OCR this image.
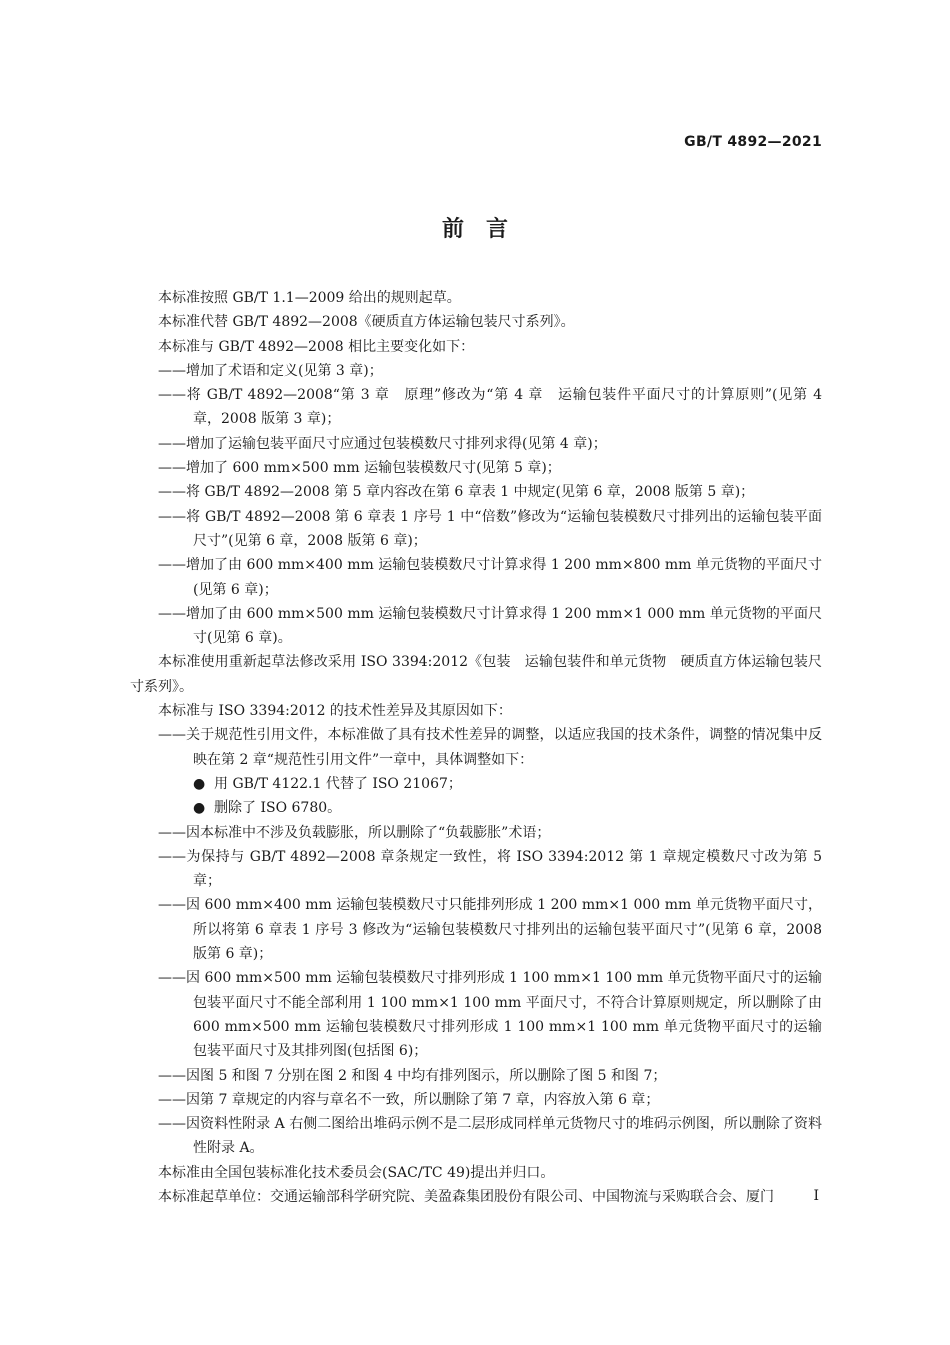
GB/T 4892—2021
前　言

本标准按照 GB/T 1.1—2009 给出的规则起草。

本标准代替 GB/T 4892—2008《硬质直方体运输包装尺寸系列》。

本标准与 GB/T 4892—2008 相比主要变化如下：

——增加了术语和定义(见第 3 章)；

——将 GB/T 4892—2008“第 3 章　原理”修改为“第 4 章　运输包装件平面尺寸的计算原则”(见第 4 章，2008 版第 3 章)；

——增加了运输包装平面尺寸应通过包装模数尺寸排列求得(见第 4 章)；

——增加了 600 mm×500 mm 运输包装模数尺寸(见第 5 章)；

——将 GB/T 4892—2008 第 5 章内容改在第 6 章表 1 中规定(见第 6 章，2008 版第 5 章)；

——将 GB/T 4892—2008 第 6 章表 1 序号 1 中“倍数”修改为“运输包装模数尺寸排列出的运输包装平面尺寸”(见第 6 章，2008 版第 6 章)；

——增加了由 600 mm×400 mm 运输包装模数尺寸计算求得 1 200 mm×800 mm 单元货物的平面尺寸(见第 6 章)；

——增加了由 600 mm×500 mm 运输包装模数尺寸计算求得 1 200 mm×1 000 mm 单元货物的平面尺寸(见第 6 章)。

本标准使用重新起草法修改采用 ISO 3394:2012《包装　运输包装件和单元货物　硬质直方体运输包装尺寸系列》。

本标准与 ISO 3394:2012 的技术性差异及其原因如下：

——关于规范性引用文件，本标准做了具有技术性差异的调整，以适应我国的技术条件，调整的情况集中反映在第 2 章“规范性引用文件”一章中，具体调整如下：

● 用 GB/T 4122.1 代替了 ISO 21067；

● 删除了 ISO 6780。

——因本标准中不涉及负载膨胀，所以删除了“负载膨胀”术语；

——为保持与 GB/T 4892—2008 章条规定一致性，将 ISO 3394:2012 第 1 章规定模数尺寸改为第 5 章；

——因 600 mm×400 mm 运输包装模数尺寸只能排列形成 1 200 mm×1 000 mm 单元货物平面尺寸，所以将第 6 章表 1 序号 3 修改为“运输包装模数尺寸排列出的运输包装平面尺寸”(见第 6 章，2008 版第 6 章)；

——因 600 mm×500 mm 运输包装模数尺寸排列形成 1 100 mm×1 100 mm 单元货物平面尺寸的运输包装平面尺寸不能全部利用 1 100 mm×1 100 mm 平面尺寸，不符合计算原则规定，所以删除了由 600 mm×500 mm 运输包装模数尺寸排列形成 1 100 mm×1 100 mm 单元货物平面尺寸的运输包装平面尺寸及其排列图(包括图 6)；

——因图 5 和图 7 分别在图 2 和图 4 中均有排列图示，所以删除了图 5 和图 7；

——因第 7 章规定的内容与章名不一致，所以删除了第 7 章，内容放入第 6 章；

——因资料性附录 A 右侧二图给出堆码示例不是二层形成同样单元货物尺寸的堆码示例图，所以删除了资料性附录 A。

本标准由全国包装标准化技术委员会(SAC/TC 49)提出并归口。

本标准起草单位：交通运输部科学研究院、美盈森集团股份有限公司、中国物流与采购联合会、厦门	I
